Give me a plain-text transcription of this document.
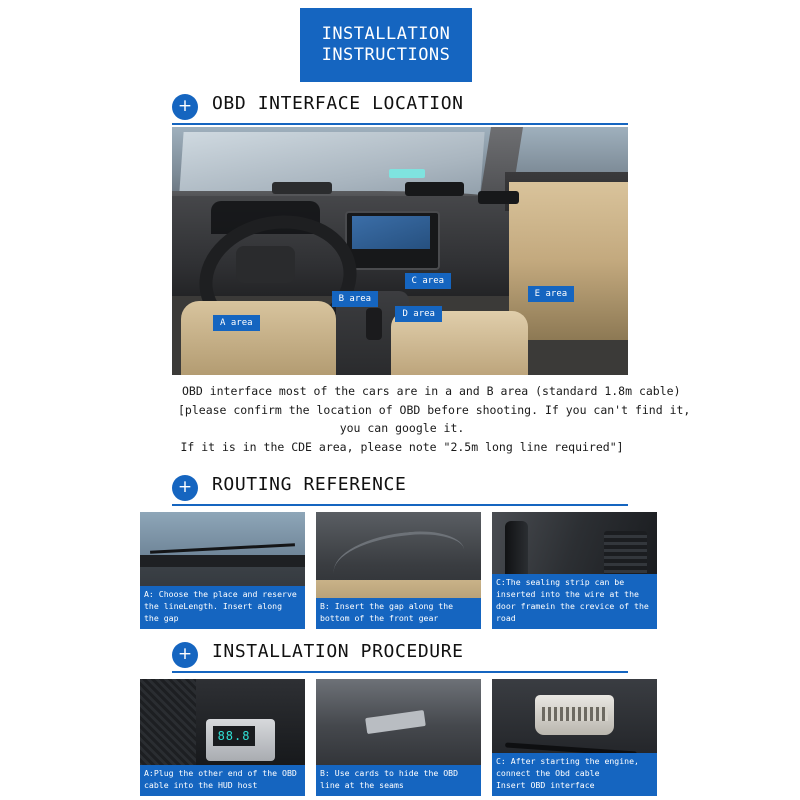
INSTALLATION
INSTRUCTIONS
+	OBD INTERFACE LOCATION
A area
B area
C area
D area
E area
OBD interface most of the cars are in a and B area (standard 1.8m cable)
[please confirm the location of OBD before shooting. If you can't find it,
you can google it.
If it is in the CDE area, please note "2.5m long line required"]
+	ROUTING REFERENCE
A: Choose the place and reserve
the lineLength. Insert along the gap
B: Insert the gap along the
bottom of the front gear
C:The sealing strip can be
inserted into the wire at the
door framein the crevice of the road
+	INSTALLATION PROCEDURE
88.8
A:Plug the other end of the OBD
cable into the HUD host
B: Use cards to hide the OBD
line at the seams
C: After starting the engine,
connect the Obd cable
Insert OBD interface
